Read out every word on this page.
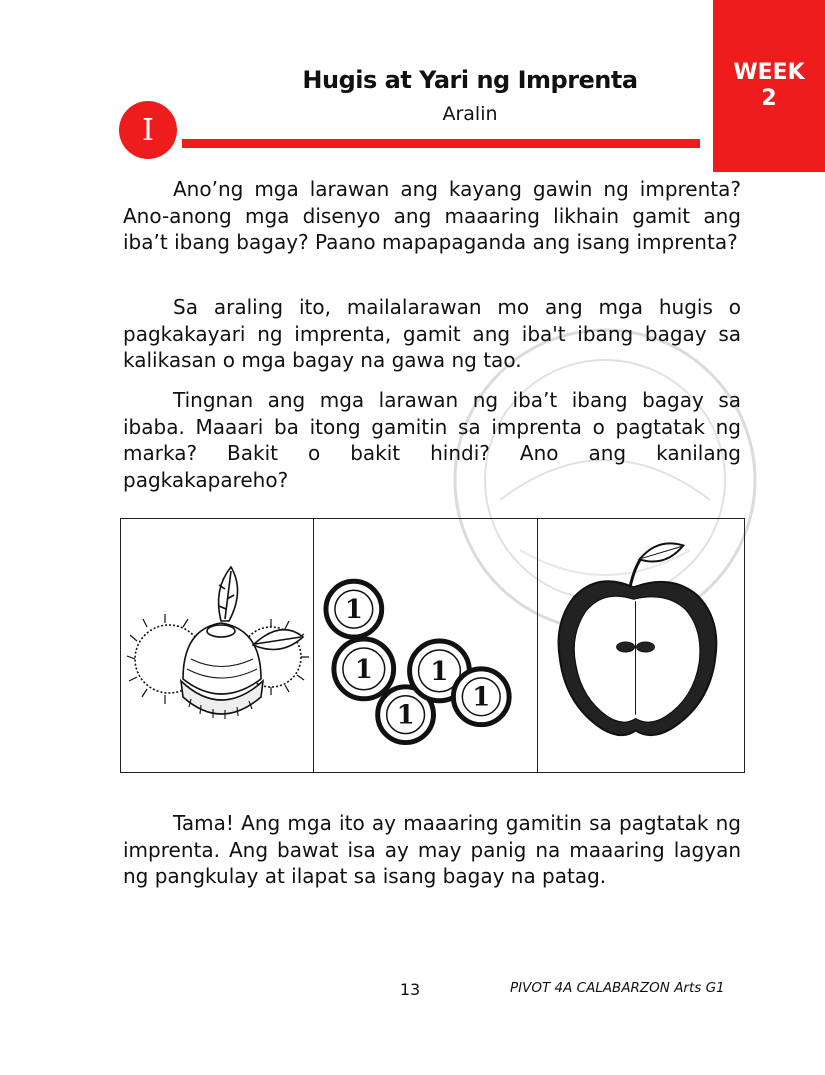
WEEK
2
Hugis at Yari ng Imprenta
Aralin
I

Ano’ng mga larawan ang kayang gawin ng imprenta? Ano-anong mga disenyo ang maaaring likhain gamit ang iba’t ibang bagay? Paano mapapaganda ang isang imprenta?

Sa araling ito, mailalarawan mo ang mga hugis o pagkakayari ng imprenta, gamit ang iba't ibang bagay sa kalikasan o mga bagay na gawa ng tao.

Tingnan ang mga larawan ng iba’t ibang bagay sa ibaba. Maaari ba itong gamitin sa imprenta o pagtatak ng marka? Bakit o bakit hindi? Ano ang kanilang pagkakapareho?

1
1
1
1
1

Tama! Ang mga ito ay maaaring gamitin sa pagtatak ng imprenta. Ang bawat isa ay may panig na maaaring lagyan ng pangkulay at ilapat sa isang bagay na patag.

13	PIVOT 4A CALABARZON Arts G1
